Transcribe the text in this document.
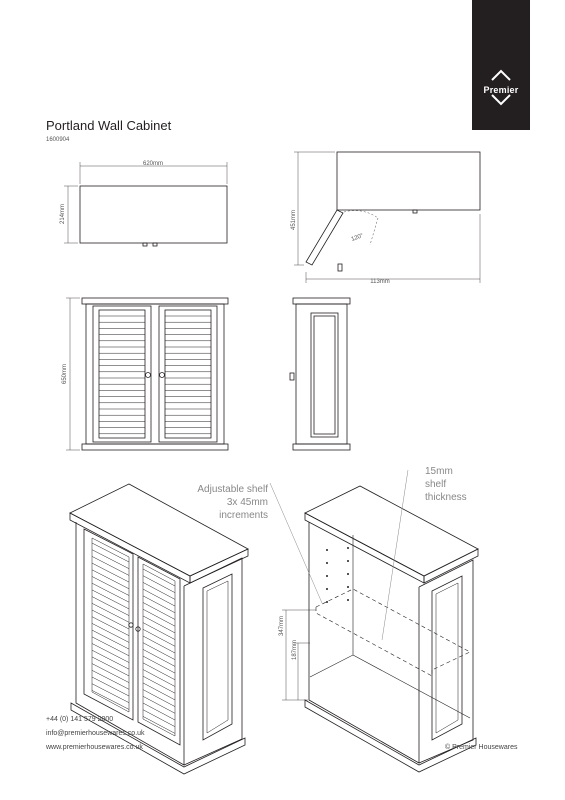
Premier
Portland Wall Cabinet
1600904
620mm
214mm
120°
451mm
113mm
650mm
347mm
187mm
Adjustable shelf
3x 45mm
increments
15mm
shelf
thickness
+44 (0) 141 579 2000
info@premierhousewares.co.uk
www.premierhousewares.co.uk	© Premier Housewares
